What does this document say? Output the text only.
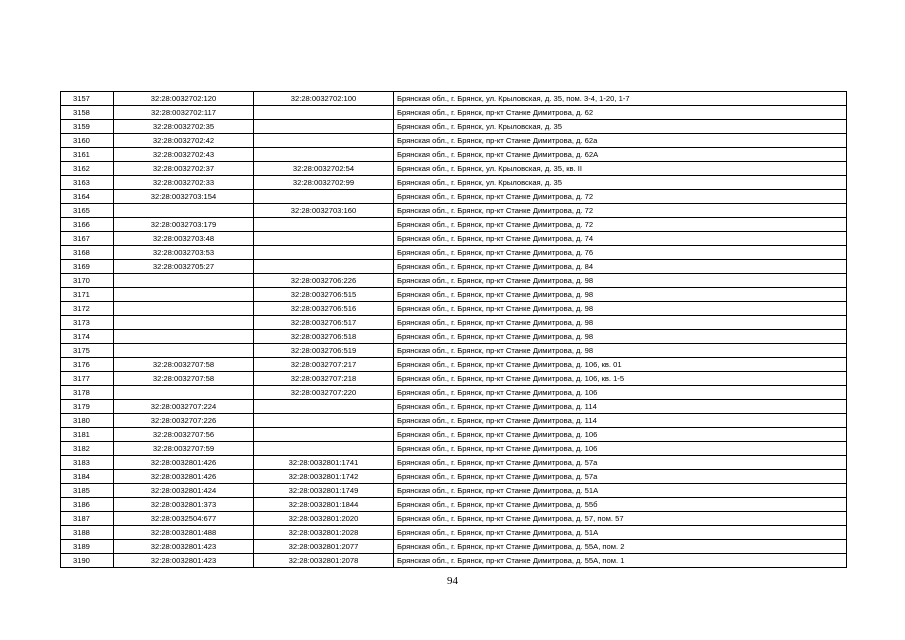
3157	32:28:0032702:120	32:28:0032702:100	Брянская обл., г. Брянск, ул. Крыловская, д. 35, пом. 3-4, 1-20, 1-7
3158	32:28:0032702:117		Брянская обл., г. Брянск, пр-кт Станке Димитрова, д. 62
3159	32:28:0032702:35		Брянская обл., г. Брянск, ул. Крыловская, д. 35
3160	32:28:0032702:42		Брянская обл., г. Брянск, пр-кт Станке Димитрова, д. 62а
3161	32:28:0032702:43		Брянская обл., г. Брянск, пр-кт Станке Димитрова, д. 62А
3162	32:28:0032702:37	32:28:0032702:54	Брянская обл., г. Брянск, ул. Крыловская, д. 35, кв. II
3163	32:28:0032702:33	32:28:0032702:99	Брянская обл., г. Брянск, ул. Крыловская, д. 35
3164	32:28:0032703:154		Брянская обл., г. Брянск, пр-кт Станке Димитрова, д. 72
3165		32:28:0032703:160	Брянская обл., г. Брянск, пр-кт Станке Димитрова, д. 72
3166	32:28:0032703:179		Брянская обл., г. Брянск, пр-кт Станке Димитрова, д. 72
3167	32:28:0032703:48		Брянская обл., г. Брянск, пр-кт Станке Димитрова, д. 74
3168	32:28:0032703:53		Брянская обл., г. Брянск, пр-кт Станке Димитрова, д. 76
3169	32:28:0032705:27		Брянская обл., г. Брянск, пр-кт Станке Димитрова, д. 84
3170		32:28:0032706:226	Брянская обл., г. Брянск, пр-кт Станке Димитрова, д. 98
3171		32:28:0032706:515	Брянская обл., г. Брянск, пр-кт Станке Димитрова, д. 98
3172		32:28:0032706:516	Брянская обл., г. Брянск, пр-кт Станке Димитрова, д. 98
3173		32:28:0032706:517	Брянская обл., г. Брянск, пр-кт Станке Димитрова, д. 98
3174		32:28:0032706:518	Брянская обл., г. Брянск, пр-кт Станке Димитрова, д. 98
3175		32:28:0032706:519	Брянская обл., г. Брянск, пр-кт Станке Димитрова, д. 98
3176	32:28:0032707:58	32:28:0032707:217	Брянская обл., г. Брянск, пр-кт Станке Димитрова, д. 106, кв. 01
3177	32:28:0032707:58	32:28:0032707:218	Брянская обл., г. Брянск, пр-кт Станке Димитрова, д. 106, кв. 1-5
3178		32:28:0032707:220	Брянская обл., г. Брянск, пр-кт Станке Димитрова, д. 106
3179	32:28:0032707:224		Брянская обл., г. Брянск, пр-кт Станке Димитрова, д. 114
3180	32:28:0032707:226		Брянская обл., г. Брянск, пр-кт Станке Димитрова, д. 114
3181	32:28:0032707:56		Брянская обл., г. Брянск, пр-кт Станке Димитрова, д. 106
3182	32:28:0032707:59		Брянская обл., г. Брянск, пр-кт Станке Димитрова, д. 106
3183	32:28:0032801:426	32:28:0032801:1741	Брянская обл., г. Брянск, пр-кт Станке Димитрова, д. 57а
3184	32:28:0032801:426	32:28:0032801:1742	Брянская обл., г. Брянск, пр-кт Станке Димитрова, д. 57а
3185	32:28:0032801:424	32:28:0032801:1749	Брянская обл., г. Брянск, пр-кт Станке Димитрова, д. 51А
3186	32:28:0032801:373	32:28:0032801:1844	Брянская обл., г. Брянск, пр-кт Станке Димитрова, д. 55б
3187	32:28:0032504:677	32:28:0032801:2020	Брянская обл., г. Брянск, пр-кт Станке Димитрова, д. 57, пом. 57
3188	32:28:0032801:488	32:28:0032801:2028	Брянская обл., г. Брянск, пр-кт Станке Димитрова, д. 51А
3189	32:28:0032801:423	32:28:0032801:2077	Брянская обл., г. Брянск, пр-кт Станке Димитрова, д. 55А, пом. 2
3190	32:28:0032801:423	32:28:0032801:2078	Брянская обл., г. Брянск, пр-кт Станке Димитрова, д. 55А, пом. 1
94
